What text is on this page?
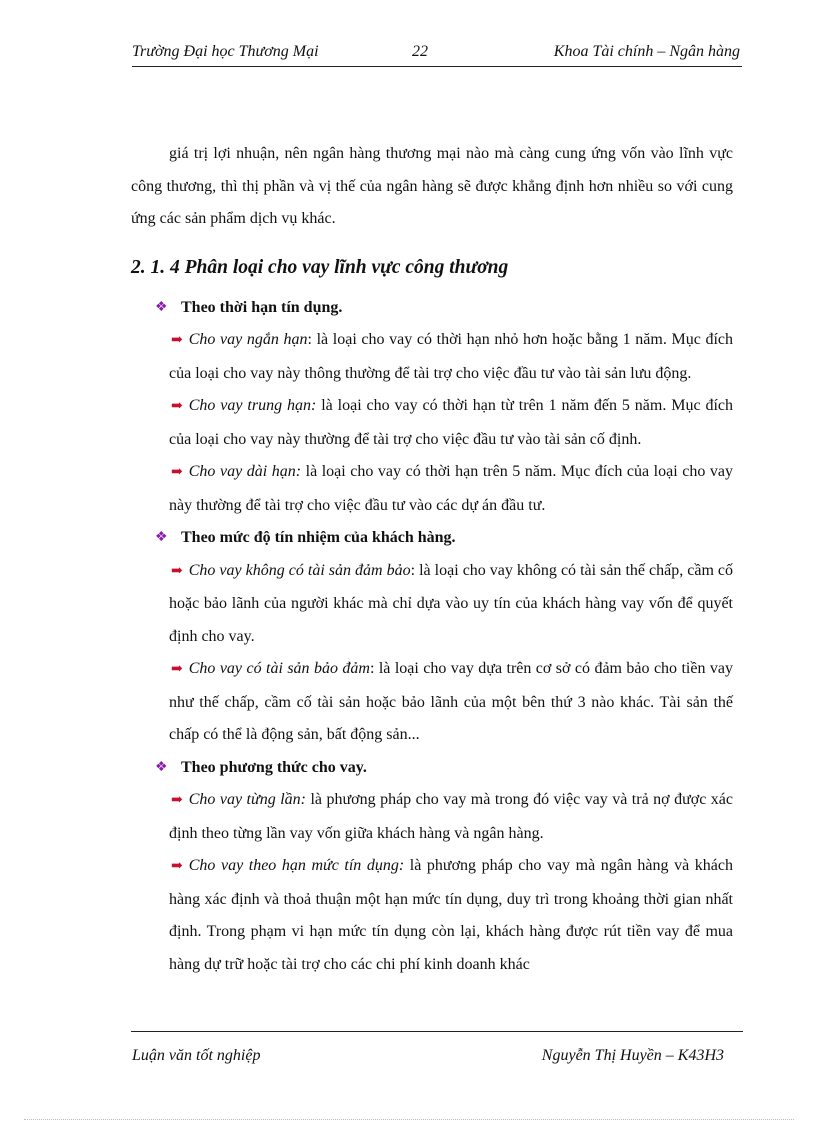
Trường Đại học Thương Mại	22	Khoa Tài chính – Ngân hàng

giá trị lợi nhuận, nên ngân hàng thương mại nào mà càng cung ứng vốn vào lĩnh vực công thương, thì thị phần và vị thế của ngân hàng sẽ được khẳng định hơn nhiều so với cung ứng các sản phẩm dịch vụ khác.

2. 1. 4 Phân loại cho vay lĩnh vực công thương
❖ Theo thời hạn tín dụng.

➡ Cho vay ngắn hạn: là loại cho vay có thời hạn nhỏ hơn hoặc bằng 1 năm. Mục đích của loại cho vay này thông thường để tài trợ cho việc đầu tư vào tài sản lưu động.

➡ Cho vay trung hạn: là loại cho vay có thời hạn từ trên 1 năm đến 5 năm. Mục đích của loại cho vay này thường để tài trợ cho việc đầu tư vào tài sản cố định.

➡ Cho vay dài hạn: là loại cho vay có thời hạn trên 5 năm. Mục đích của loại cho vay này thường để tài trợ cho việc đầu tư vào các dự án đầu tư.

❖ Theo mức độ tín nhiệm của khách hàng.

➡ Cho vay không có tài sản đảm bảo: là loại cho vay không có tài sản thế chấp, cầm cố hoặc bảo lãnh của người khác mà chỉ dựa vào uy tín của khách hàng vay vốn để quyết định cho vay.

➡ Cho vay có tài sản bảo đảm: là loại cho vay dựa trên cơ sở có đảm bảo cho tiền vay như thế chấp, cầm cố tài sản hoặc bảo lãnh của một bên thứ 3 nào khác. Tài sản thế chấp có thể là động sản, bất động sản...

❖ Theo phương thức cho vay.

➡ Cho vay từng lần: là phương pháp cho vay mà trong đó việc vay và trả nợ được xác định theo từng lần vay vốn giữa khách hàng và ngân hàng.

➡ Cho vay theo hạn mức tín dụng: là phương pháp cho vay mà ngân hàng và khách hàng xác định và thoả thuận một hạn mức tín dụng, duy trì trong khoảng thời gian nhất định. Trong phạm vi hạn mức tín dụng còn lại, khách hàng được rút tiền vay để mua hàng dự trữ hoặc tài trợ cho các chi phí kinh doanh khác

Luận văn tốt nghiệp	Nguyễn Thị Huyền – K43H3
